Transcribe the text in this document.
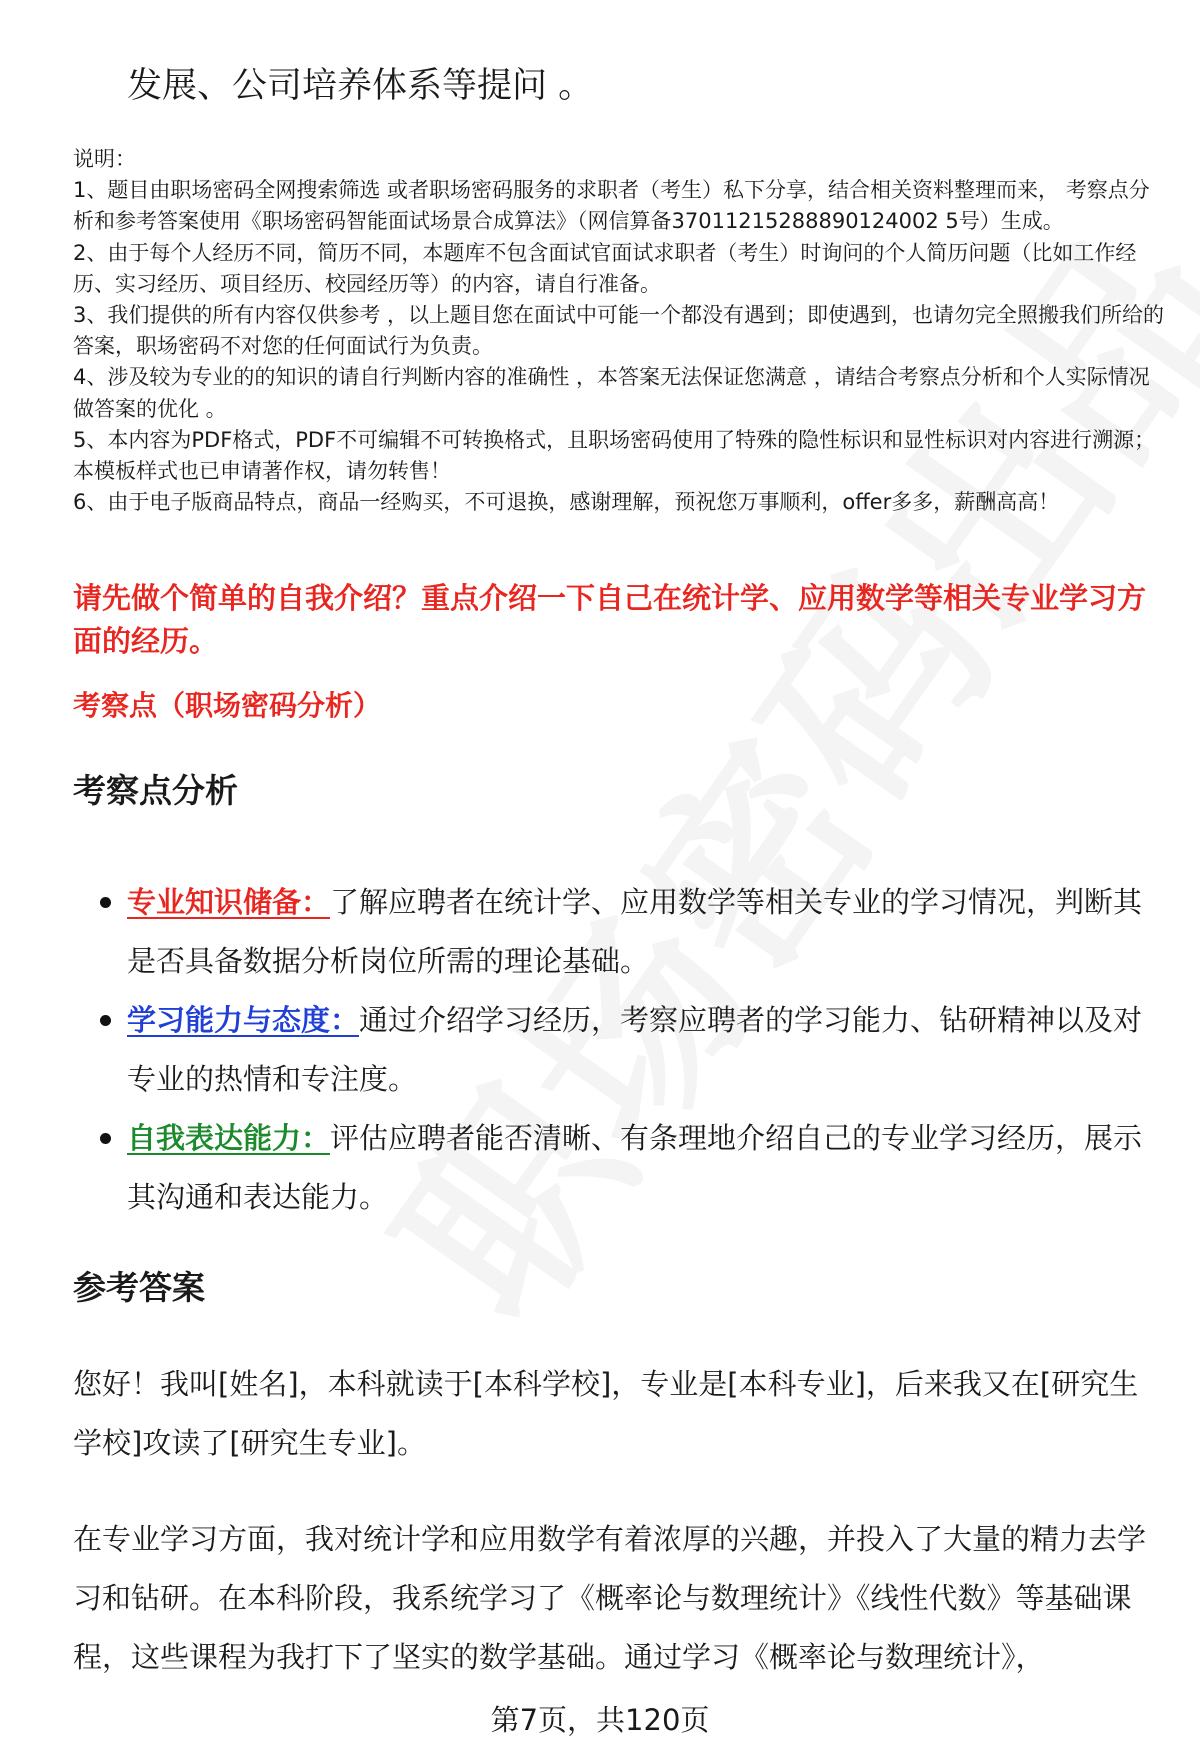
发展、公司培养体系等提问 。
说明：
1、题目由职场密码全网搜索筛选 或者职场密码服务的求职者（考生）私下分享，结合相关资料整理而来， 考察点分析和参考答案使用《职场密码智能面试场景合成算法》（网信算备37011215288890124002 5号）生成。
2、由于每个人经历不同，简历不同，本题库不包含面试官面试求职者（考生）时询问的个人简历问题（比如工作经历、实习经历、项目经历、校园经历等）的内容，请自行准备。
3、我们提供的所有内容仅供参考 ，以上题目您在面试中可能一个都没有遇到；即使遇到，也请勿完全照搬我们所给的答案，职场密码不对您的任何面试行为负责。
4、涉及较为专业的的知识的请自行判断内容的准确性 ，本答案无法保证您满意 ，请结合考察点分析和个人实际情况做答案的优化 。
5、本内容为PDF格式，PDF不可编辑不可转换格式，且职场密码使用了特殊的隐性标识和显性标识对内容进行溯源；本模板样式也已申请著作权，请勿转售！
6、由于电子版商品特点，商品一经购买，不可退换，感谢理解，预祝您万事顺利，offer多多，薪酬高高！
请先做个简单的自我介绍？重点介绍一下自己在统计学、应用数学等相关专业学习方面的经历。
考察点（职场密码分析）
考察点分析
专业知识储备：了解应聘者在统计学、应用数学等相关专业的学习情况，判断其是否具备数据分析岗位所需的理论基础。
学习能力与态度：通过介绍学习经历，考察应聘者的学习能力、钻研精神以及对专业的热情和专注度。
自我表达能力：评估应聘者能否清晰、有条理地介绍自己的专业学习经历，展示其沟通和表达能力。
参考答案
您好！我叫[姓名]，本科就读于[本科学校]，专业是[本科专业]，后来我又在[研究生学校]攻读了[研究生专业]。
在专业学习方面，我对统计学和应用数学有着浓厚的兴趣，并投入了大量的精力去学习和钻研。在本科阶段，我系统学习了《概率论与数理统计》《线性代数》等基础课程，这些课程为我打下了坚实的数学基础。通过学习《概率论与数理统计》，
第7页，共120页
